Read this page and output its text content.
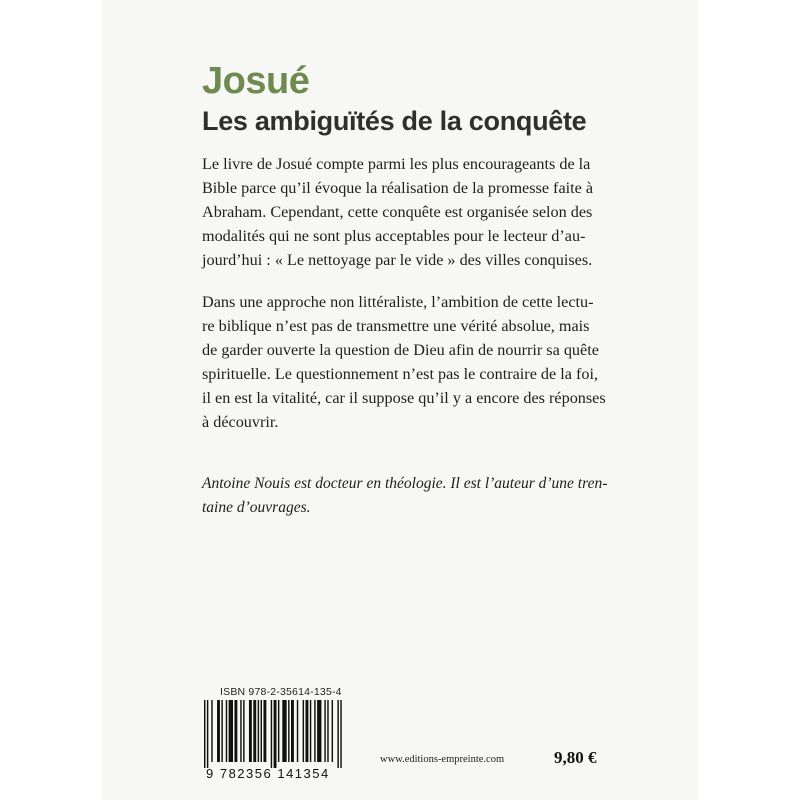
Josué
Les ambiguïtés de la conquête

Le livre de Josué compte parmi les plus encourageants de la
Bible parce qu’il évoque la réalisation de la promesse faite à
Abraham. Cependant, cette conquête est organisée selon des
modalités qui ne sont plus acceptables pour le lecteur d’au-
jourd’hui : « Le nettoyage par le vide » des villes conquises.

Dans une approche non littéraliste, l’ambition de cette lectu-
re biblique n’est pas de transmettre une vérité absolue, mais
de garder ouverte la question de Dieu afin de nourrir sa quête
spirituelle. Le questionnement n’est pas le contraire de la foi,
il en est la vitalité, car il suppose qu’il y a encore des réponses
à découvrir.

Antoine Nouis est docteur en théologie. Il est l’auteur d’une tren-
taine d’ouvrages.
ISBN 978-2-35614-135-4
9 782356 141354
www.editions-empreinte.com	9,80 €
